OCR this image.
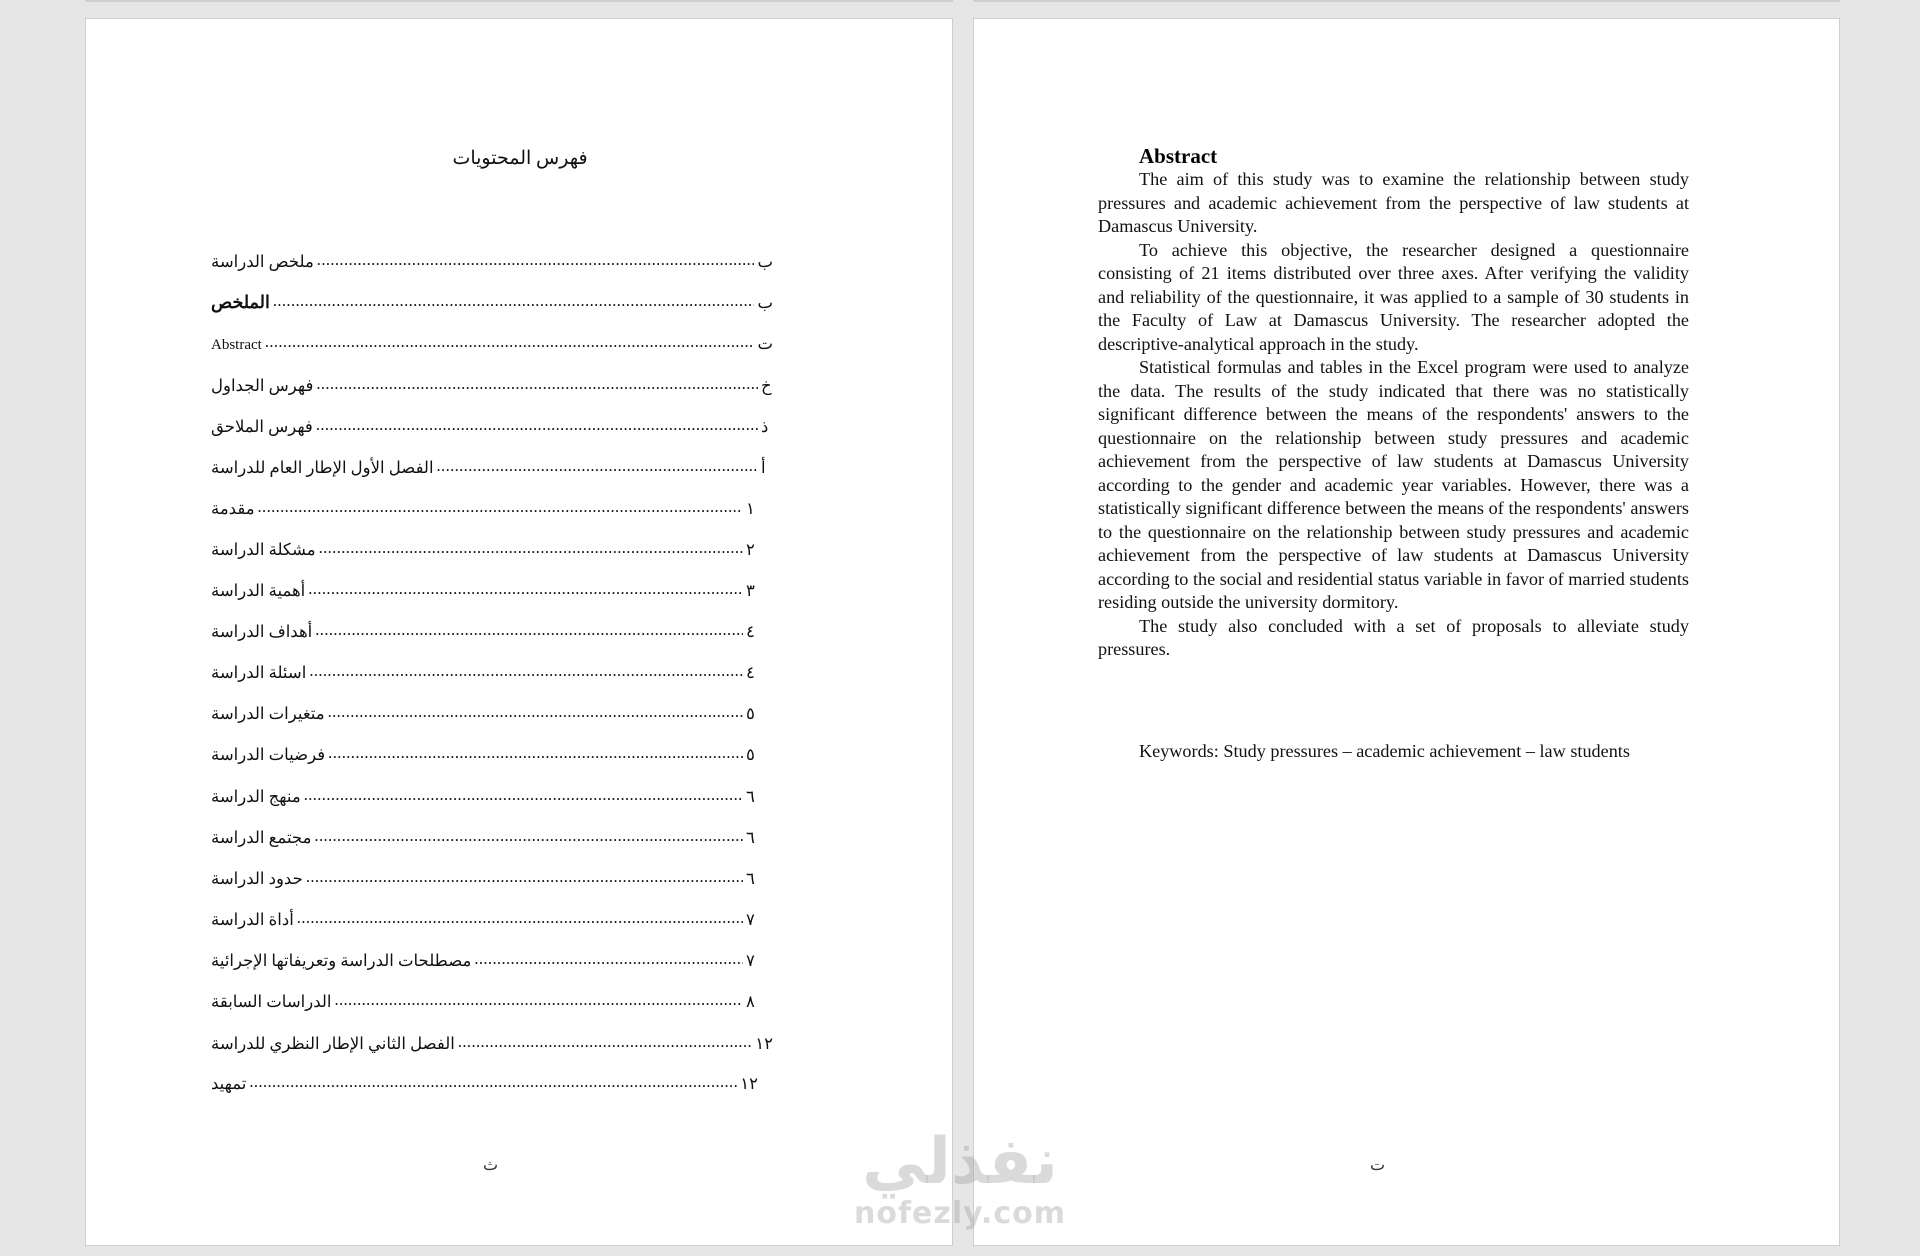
فهرس المحتويات
ملخص الدراسة .....	ب
الملخص .....	ب
Abstract .....	ت
فهرس الجداول .....	خ
فهرس الملاحق .....	ذ
الفصل الأول الإطار العام للدراسة .....	أ
مقدمة .....	١
مشكلة الدراسة .....	٢
أهمية الدراسة .....	٣
أهداف الدراسة .....	٤
اسئلة الدراسة .....	٤
متغيرات الدراسة .....	٥
فرضيات الدراسة .....	٥
منهج الدراسة .....	٦
مجتمع الدراسة .....	٦
حدود الدراسة .....	٦
أداة الدراسة .....	٧
مصطلحات الدراسة وتعريفاتها الإجرائية .....	٧
الدراسات السابقة .....	٨
الفصل الثاني الإطار النظري للدراسة .....	١٢
تمهيد .....	١٢
ث
Abstract

The aim of this study was to examine the relationship between study pressures and academic achievement from the perspective of law students at Damascus University.

To achieve this objective, the researcher designed a questionnaire consisting of 21 items distributed over three axes. After verifying the validity and reliability of the questionnaire, it was applied to a sample of 30 students in the Faculty of Law at Damascus University. The researcher adopted the descriptive-analytical approach in the study.

Statistical formulas and tables in the Excel program were used to analyze the data. The results of the study indicated that there was no statistically significant difference between the means of the respondents' answers to the questionnaire on the relationship between study pressures and academic achievement from the perspective of law students at Damascus University according to the gender and academic year variables. However, there was a statistically significant difference between the means of the respondents' answers to the questionnaire on the relationship between study pressures and academic achievement from the perspective of law students at Damascus University according to the social and residential status variable in favor of married students residing outside the university dormitory.

The study also concluded with a set of proposals to alleviate study pressures.

Keywords: Study pressures – academic achievement – law students
ت
نفذلي
nofezly.com
